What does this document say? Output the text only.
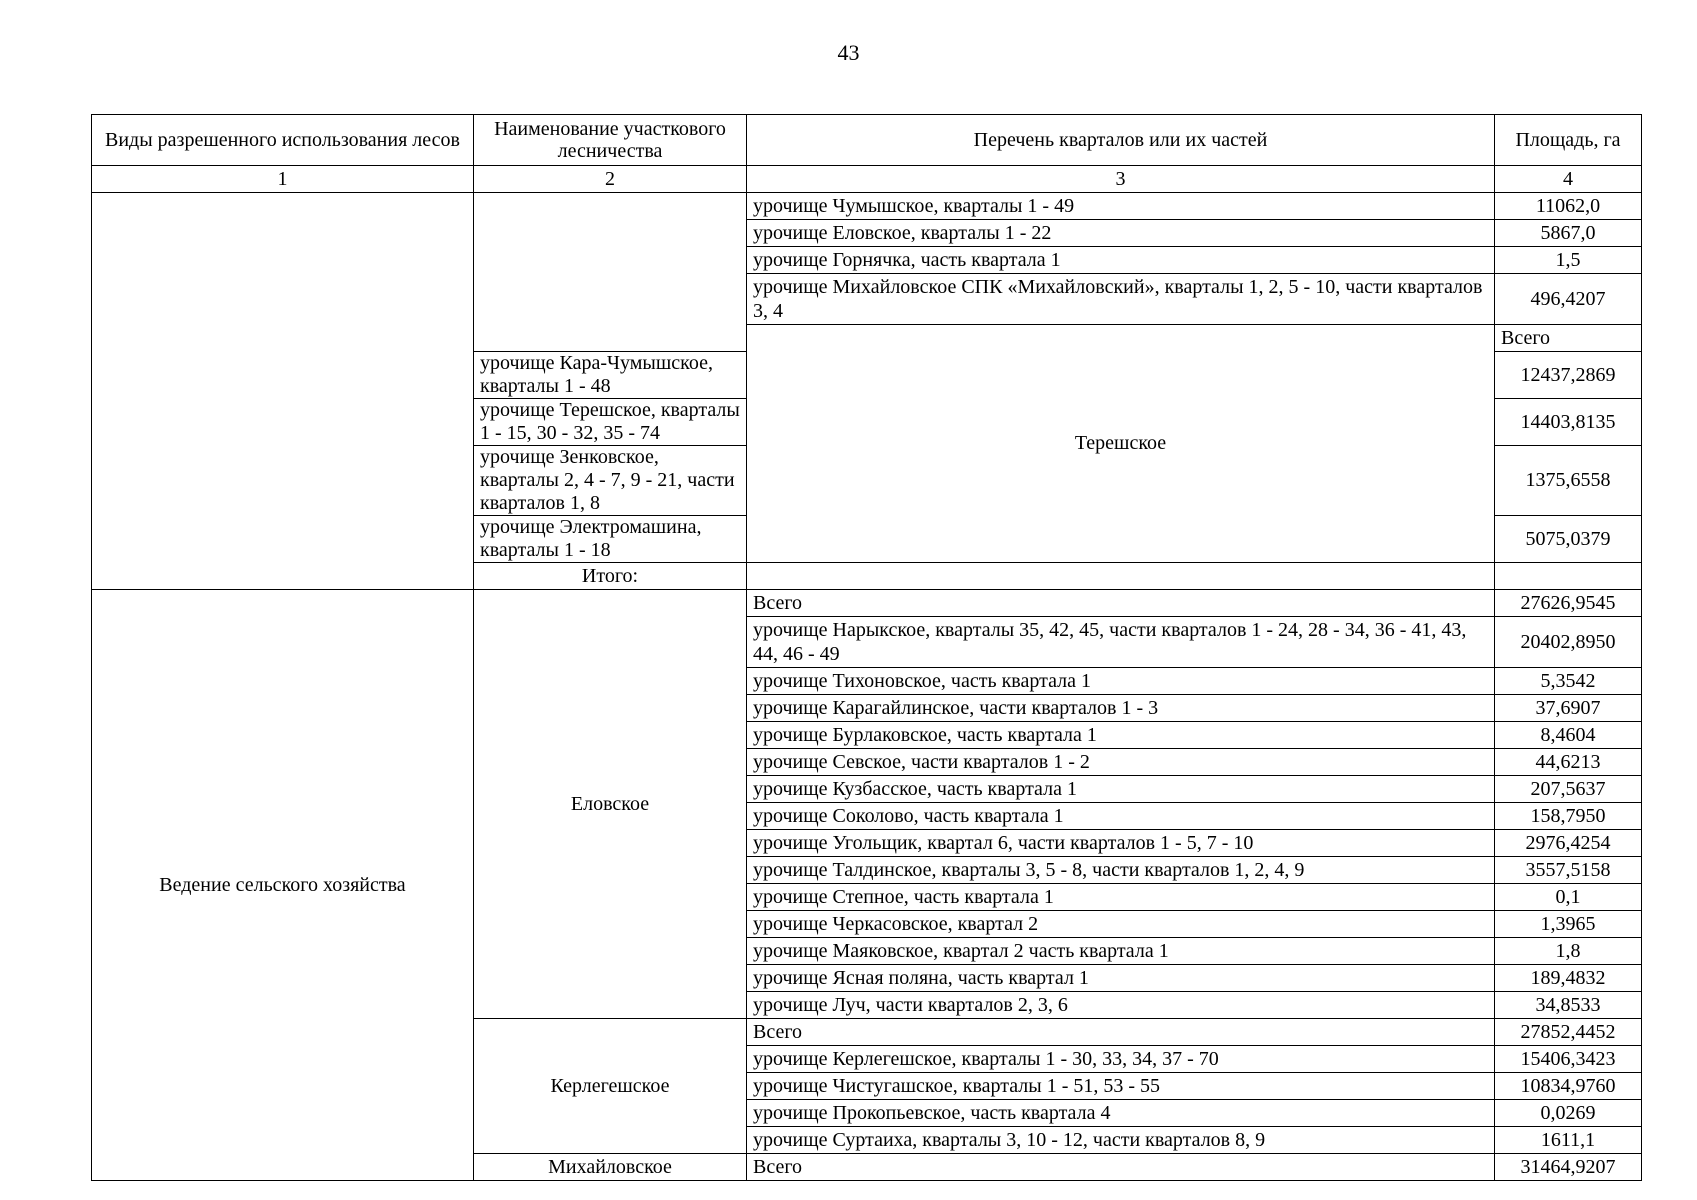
43
Виды разрешенного использования лесов	Наименование участкового лесничества	Перечень кварталов или их частей	Площадь, га	
1	2	3	4	
		урочище Чумышское, кварталы 1 - 49	11062,0	
		урочище Еловское, кварталы 1 - 22	5867,0	
		урочище Горнячка, часть квартала 1	1,5	
		урочище Михайловское СПК «Михайловский», кварталы 1, 2, 5 - 10, части кварталов 3, 4	496,4207	
		Терешское	Всего	
	урочище Кара-Чумышское, кварталы 1 - 48		12437,2869	
	урочище Терешское, кварталы 1 - 15, 30 - 32, 35 - 74		14403,8135	
	урочище Зенковское, кварталы 2, 4 - 7, 9 - 21, части кварталов 1, 8		1375,6558	
	урочище Электромашина, кварталы 1 - 18		5075,0379	
	Итого:			
Ведение сельского хозяйства	Еловское	Всего	27626,9545	
		урочище Нарыкское, кварталы 35, 42, 45, части кварталов 1 - 24, 28 - 34, 36 - 41, 43, 44, 46 - 49	20402,8950	
		урочище Тихоновское, часть квартала 1	5,3542	
		урочище Карагайлинское, части кварталов 1 - 3	37,6907	
		урочище Бурлаковское, часть квартала 1	8,4604	
		урочище Севское, части кварталов 1 - 2	44,6213	
		урочище Кузбасское, часть квартала 1	207,5637	
		урочище Соколово, часть квартала 1	158,7950	
		урочище Угольщик, квартал 6, части кварталов 1 - 5, 7 - 10	2976,4254	
		урочище Талдинское, кварталы 3, 5 - 8, части кварталов 1, 2, 4, 9	3557,5158	
		урочище Степное, часть квартала 1	0,1	
		урочище Черкасовское, квартал 2	1,3965	
		урочище Маяковское, квартал 2 часть квартала 1	1,8	
		урочище Ясная поляна, часть квартал 1	189,4832	
		урочище Луч, части кварталов 2, 3, 6	34,8533	
	Керлегешское	Всего	27852,4452	
		урочище Керлегешское, кварталы 1 - 30, 33, 34, 37 - 70	15406,3423	
		урочище Чистугашское, кварталы 1 - 51, 53 - 55	10834,9760	
		урочище Прокопьевское, часть квартала 4	0,0269	
		урочище Суртаиха, кварталы 3, 10 - 12, части кварталов 8, 9	1611,1	
	Михайловское	Всего	31464,9207	
